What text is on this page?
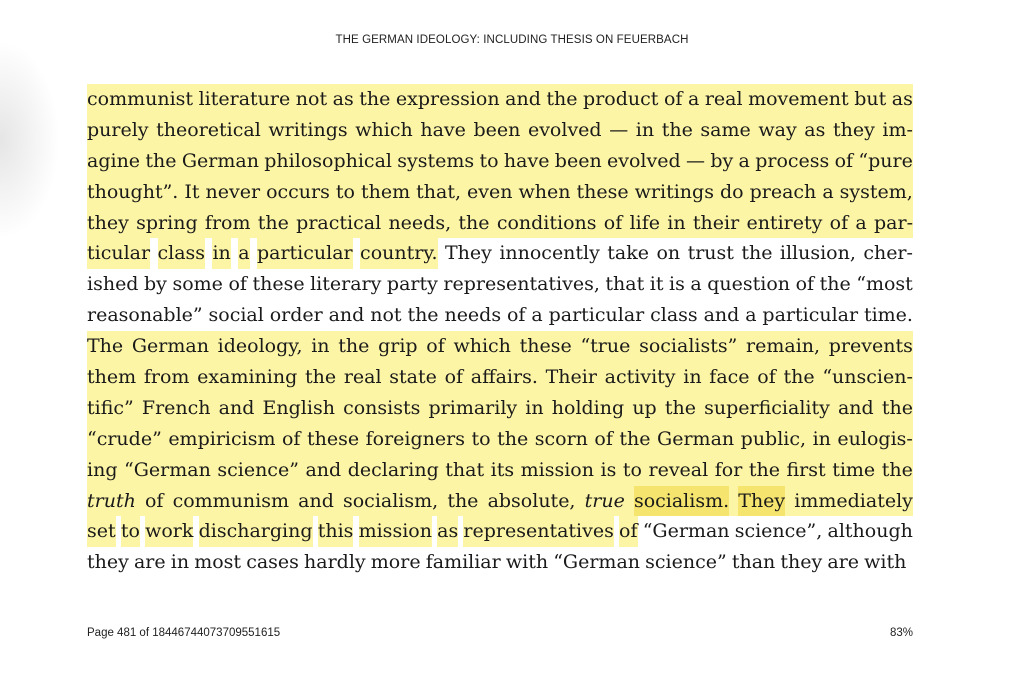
THE GERMAN IDEOLOGY: INCLUDING THESIS ON FEUERBACH
communist literature not as the expression and the product of a real movement but as
purely theoretical writings which have been evolved — in the same way as they im-
agine the German philosophical systems to have been evolved — by a process of “pure
thought”. It never occurs to them that, even when these writings do preach a system,
they spring from the practical needs, the conditions of life in their entirety of a par-
ticular class in a particular country. They innocently take on trust the illusion, cher-
ished by some of these literary party representatives, that it is a question of the “most
reasonable” social order and not the needs of a particular class and a particular time.
The German ideology, in the grip of which these “true socialists” remain, prevents
them from examining the real state of affairs. Their activity in face of the “unscien-
tific” French and English consists primarily in holding up the superficiality and the
“crude” empiricism of these foreigners to the scorn of the German public, in eulogis-
ing “German science” and declaring that its mission is to reveal for the first time the
truth of communism and socialism, the absolute, true socialism. They immediately
set to work discharging this mission as representatives of “German science”, although
they are in most cases hardly more familiar with “German science” than they are with
Page 481 of 18446744073709551615	83%
